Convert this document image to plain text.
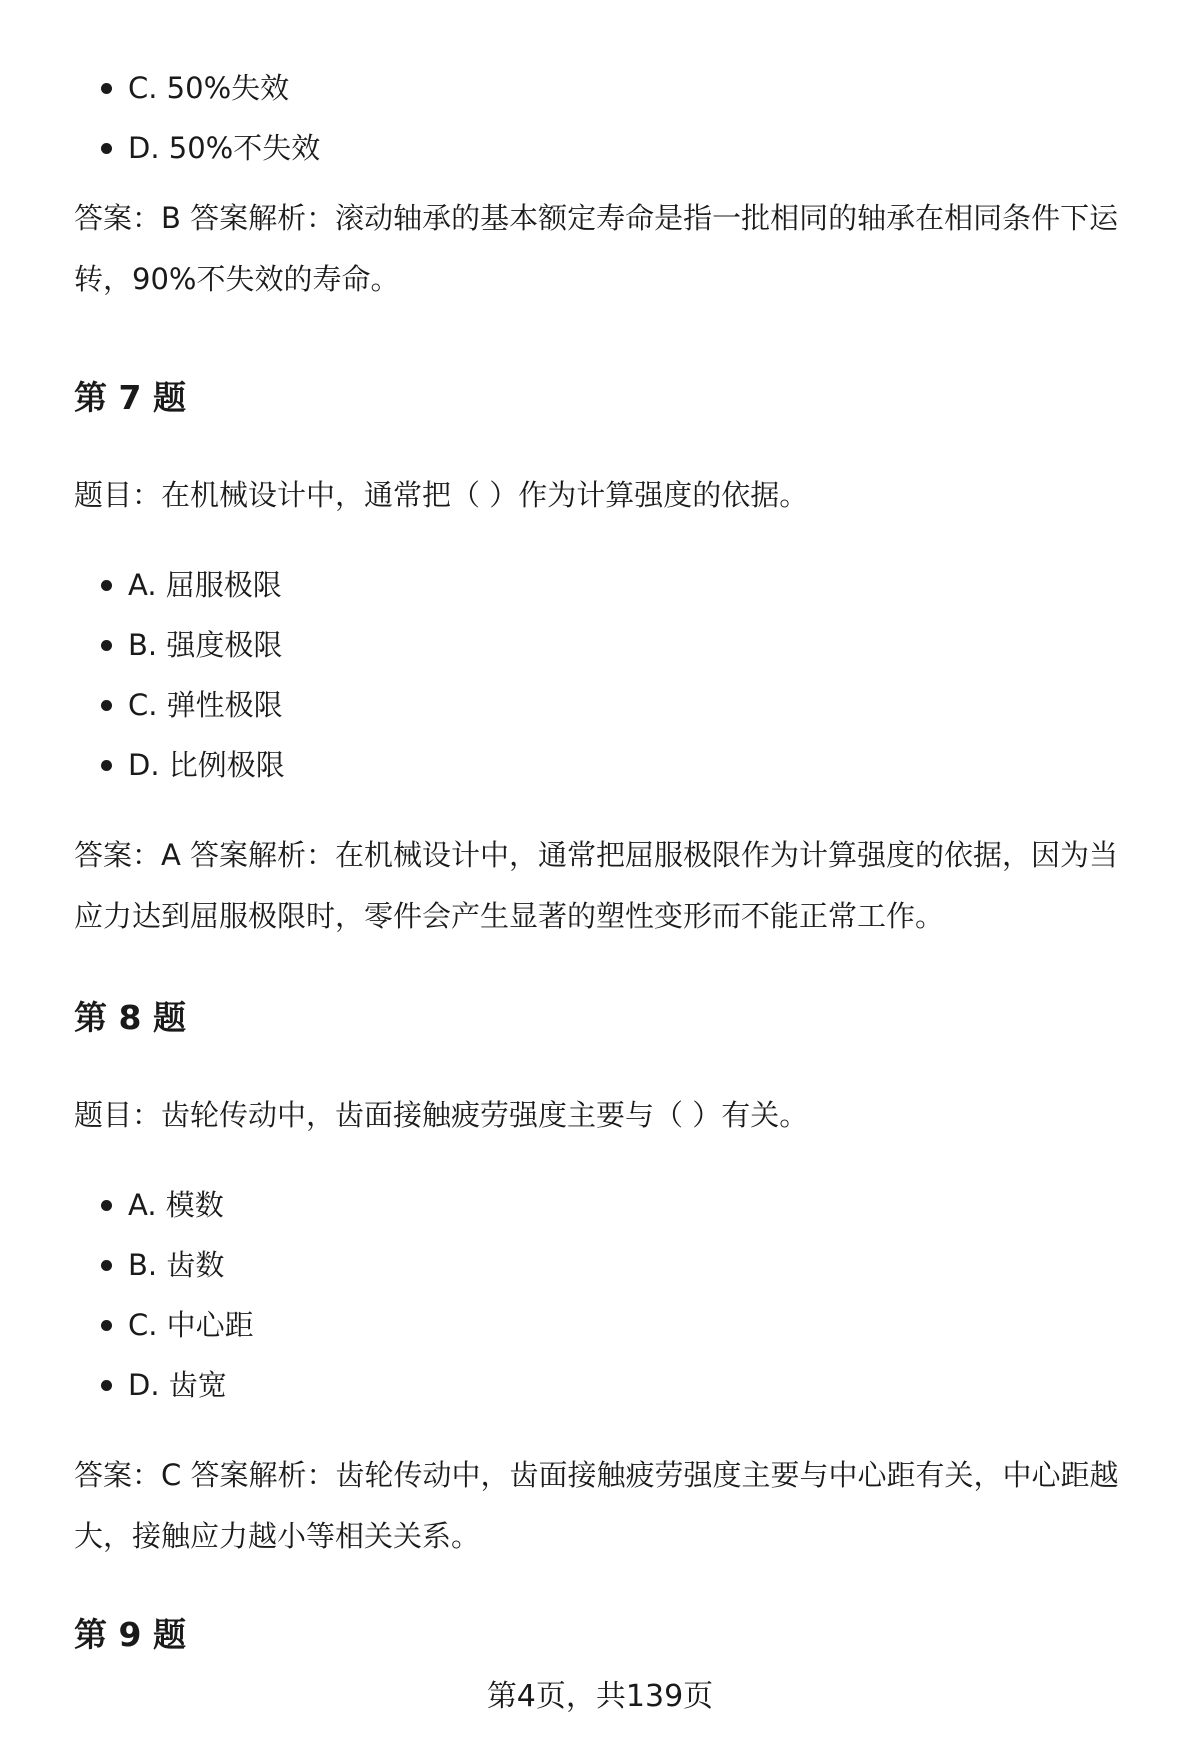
C. 50%失效
D. 50%不失效

答案：B 答案解析：滚动轴承的基本额定寿命是指一批相同的轴承在相同条件下运

转，90%不失效的寿命。

第 7 题

题目：在机械设计中，通常把（ ）作为计算强度的依据。

A. 屈服极限
B. 强度极限
C. 弹性极限
D. 比例极限

答案：A 答案解析：在机械设计中，通常把屈服极限作为计算强度的依据，因为当

应力达到屈服极限时，零件会产生显著的塑性变形而不能正常工作。

第 8 题

题目：齿轮传动中，齿面接触疲劳强度主要与（ ）有关。

A. 模数
B. 齿数
C. 中心距
D. 齿宽

答案：C 答案解析：齿轮传动中，齿面接触疲劳强度主要与中心距有关，中心距越

大，接触应力越小等相关关系。

第 9 题
第4页，共139页
